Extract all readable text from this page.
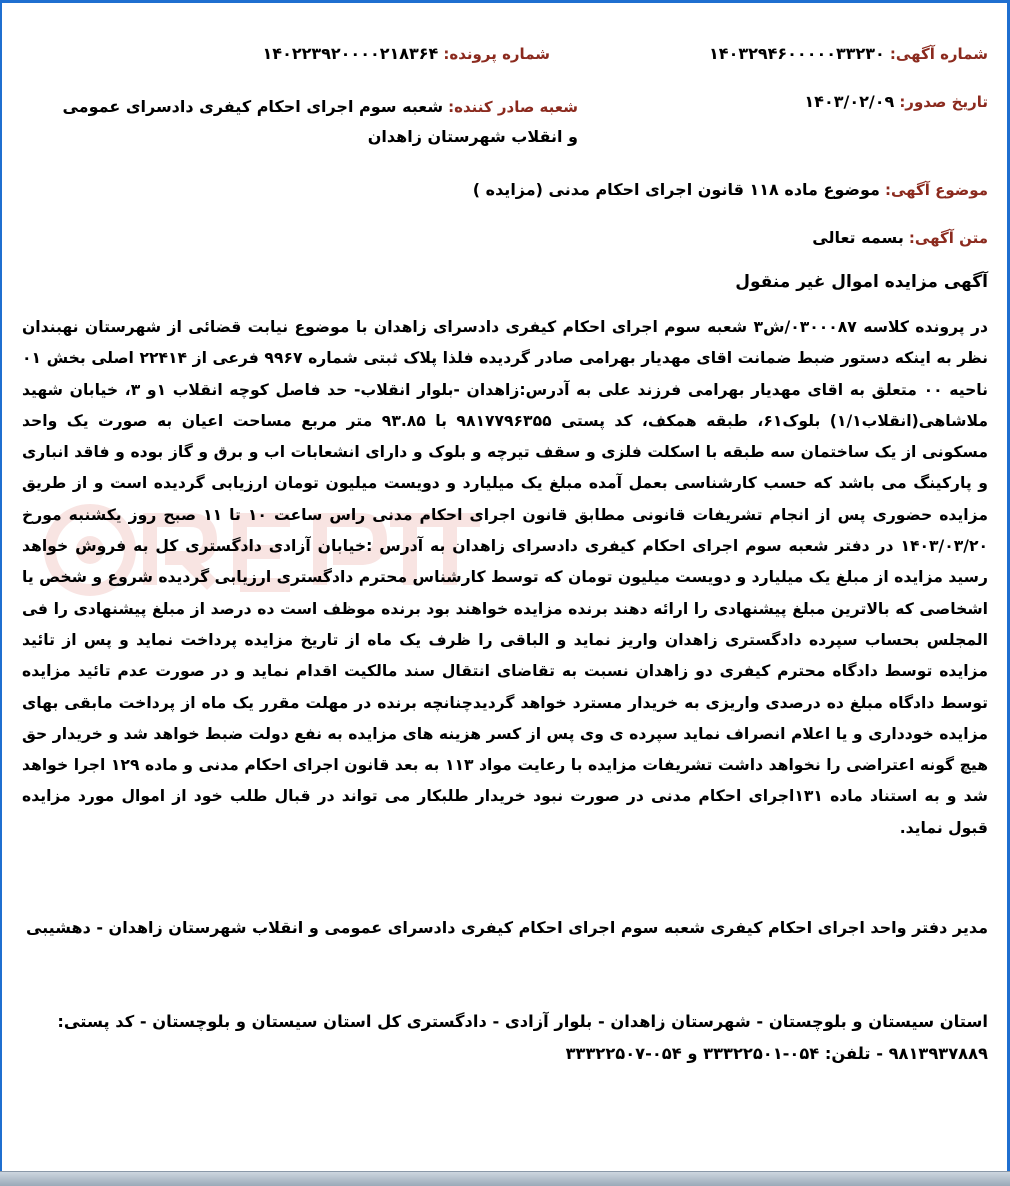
شماره آگهی: ۱۴۰۳۲۹۴۶۰۰۰۰۰۳۳۲۳۰
شماره پرونده: ۱۴۰۲۲۳۹۲۰۰۰۰۲۱۸۳۶۴
تاریخ صدور: ۱۴۰۳/۰۲/۰۹
شعبه صادر کننده: شعبه سوم اجرای احکام کیفری دادسرای عمومی و انقلاب شهرستان زاهدان
موضوع آگهی: موضوع ماده ۱۱۸ قانون اجرای احکام مدنی (مزایده )
متن آگهی: بسمه تعالی
آگهی مزایده اموال غیر منقول
در پرونده کلاسه ۰۳۰۰۰۸۷/ش۳ شعبه سوم اجرای احکام کیفری دادسرای زاهدان با موضوع نیابت قضائی از شهرستان نهبندان نظر به اینکه دستور ضبط ضمانت اقای مهدیار بهرامی صادر گردیده فلذا پلاک ثبتی شماره ۹۹۶۷ فرعی از ۲۲۴۱۴ اصلی بخش ۰۱ ناحیه ۰۰ متعلق به اقای مهدیار بهرامی فرزند علی به آدرس:زاهدان -بلوار انقلاب- حد فاصل کوچه انقلاب ۱و ۳، خیابان شهید ملاشاهی(انقلاب۱/۱) بلوک۶۱، طبقه همکف، کد پستی ۹۸۱۷۷۹۶۳۵۵ با ۹۳.۸۵ متر مربع مساحت اعیان به صورت یک واحد مسکونی از یک ساختمان سه طبقه با اسکلت فلزی و سقف تیرچه و بلوک و دارای انشعابات اب و برق و گاز بوده و فاقد انباری و پارکینگ می باشد که حسب کارشناسی بعمل آمده مبلغ یک میلیارد و دویست میلیون تومان ارزیابی گردیده است و از طریق مزایده حضوری پس از انجام تشریفات قانونی مطابق قانون اجرای احکام مدنی راس ساعت ۱۰ تا ۱۱ صبح روز یکشنبه مورخ ۱۴۰۳/۰۳/۲۰ در دفتر شعبه سوم اجرای احکام کیفری دادسرای زاهدان به آدرس :خیابان آزادی دادگستری کل به فروش خواهد رسید مزایده از مبلغ یک میلیارد و دویست میلیون تومان که توسط کارشناس محترم دادگستری ارزیابی گردیده شروع و شخص یا اشخاصی که بالاترین مبلغ پیشنهادی را ارائه دهند برنده مزایده خواهند بود برنده موظف است ده درصد از مبلغ پیشنهادی را فی المجلس بحساب سپرده دادگستری زاهدان واریز نماید و الباقی را ظرف یک ماه از تاریخ مزایده پرداخت نماید و پس از تائید مزایده توسط دادگاه محترم کیفری دو زاهدان نسبت به تقاضای انتقال سند مالکیت اقدام نماید و در صورت عدم تائید مزایده توسط دادگاه مبلغ ده درصدی واریزی به خریدار مسترد خواهد گردیدچنانچه برنده در مهلت مقرر یک ماه از پرداخت مابقی بهای مزایده خودداری و یا اعلام انصراف نماید سپرده ی وی پس از کسر هزینه های مزایده به نفع دولت ضبط خواهد شد و خریدار حق هیچ گونه اعتراضی را نخواهد داشت تشریفات مزایده با رعایت مواد ۱۱۳ به بعد قانون اجرای احکام مدنی و ماده ۱۲۹ اجرا خواهد شد و به استناد ماده ۱۳۱اجرای احکام مدنی در صورت نبود خریدار طلبکار می تواند در قبال طلب خود از اموال مورد مزایده قبول نماید.
مدیر دفتر واحد اجرای احکام کیفری شعبه سوم اجرای احکام کیفری دادسرای عمومی و انقلاب شهرستان زاهدان - دهشیبی
استان سیستان و بلوچستان - شهرستان زاهدان - بلوار آزادی - دادگستری کل استان سیستان و بلوچستان - کد پستی: ۹۸۱۳۹۳۷۸۸۹ - تلفن: ۰۵۴-۳۳۳۲۲۵۰۱ و ۰۵۴-۳۳۳۲۲۵۰۷
